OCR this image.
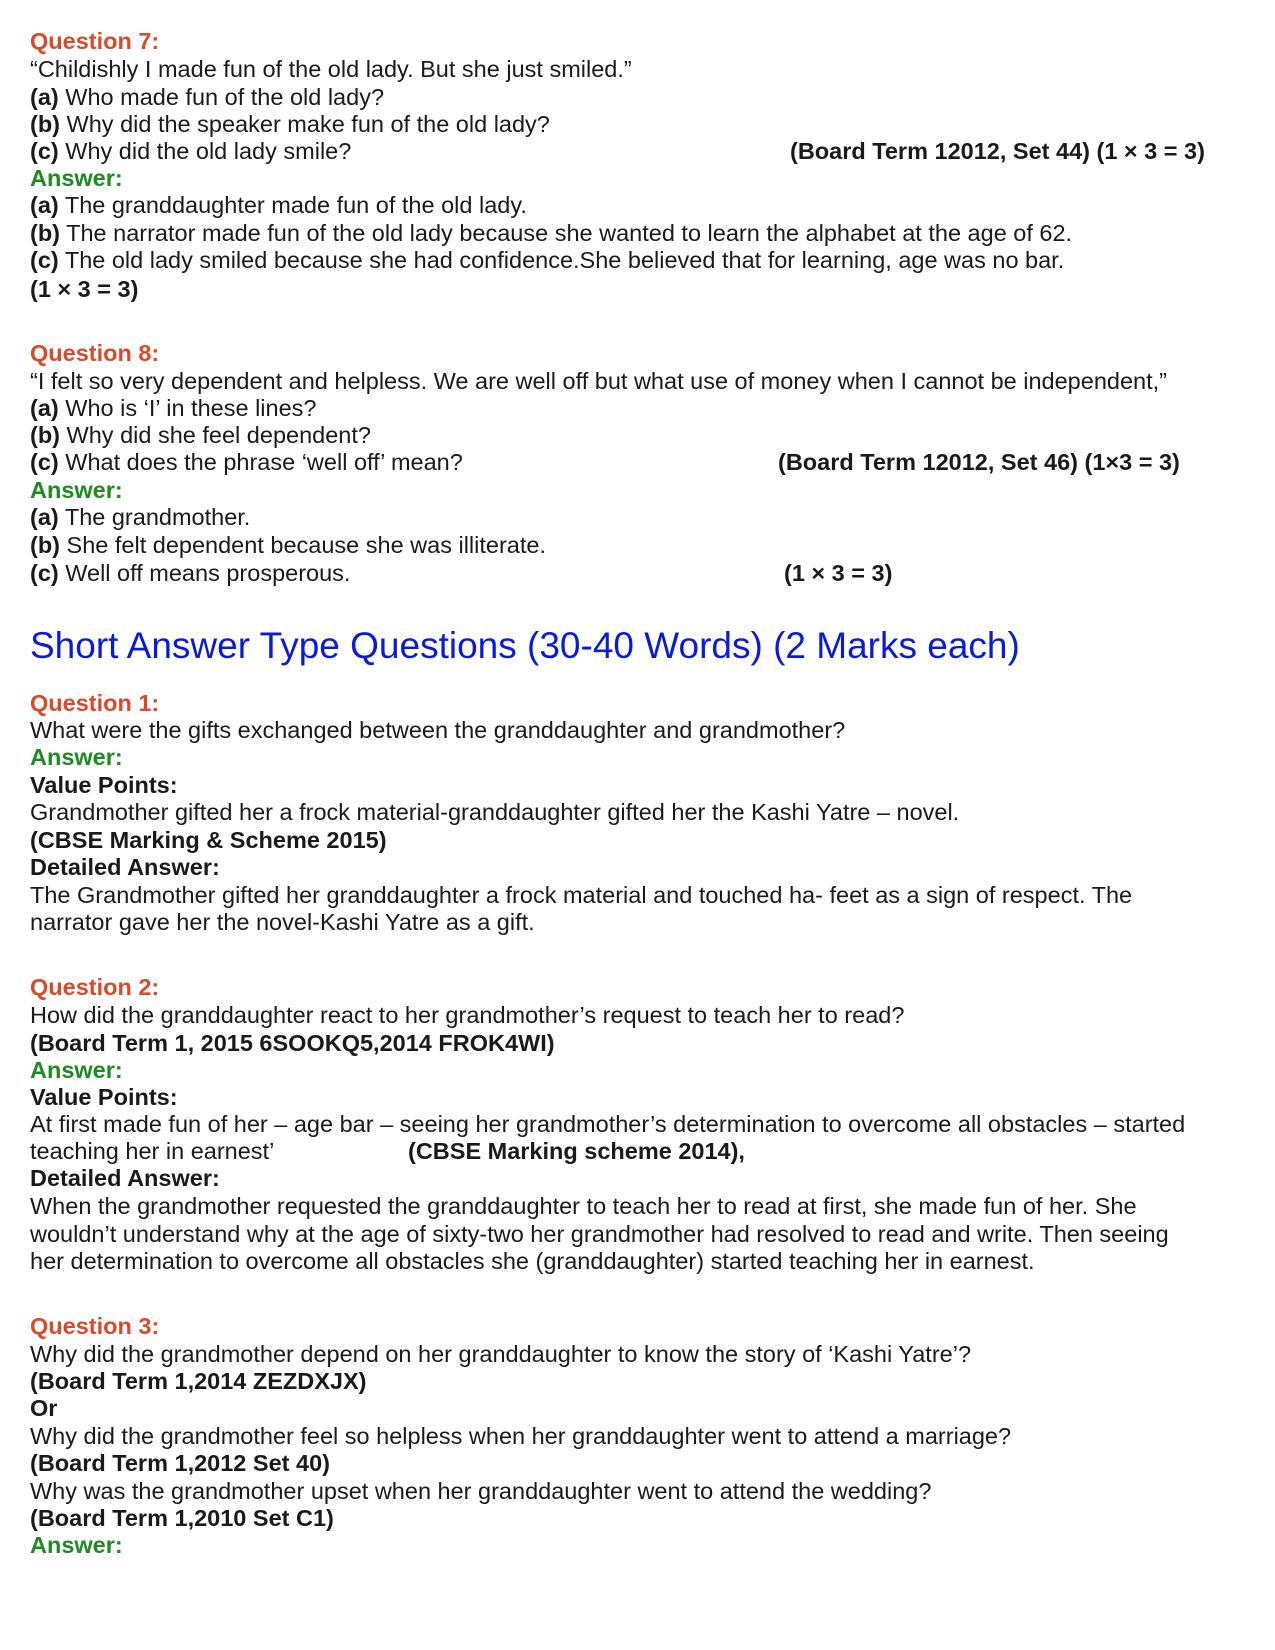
Question 7:
“Childishly I made fun of the old lady. But she just smiled.”
(a) Who made fun of the old lady?
(b) Why did the speaker make fun of the old lady?
(c) Why did the old lady smile?	(Board Term 12012, Set 44) (1 × 3 = 3)
Answer:
(a) The granddaughter made fun of the old lady.
(b) The narrator made fun of the old lady because she wanted to learn the alphabet at the age of 62.
(c) The old lady smiled because she had confidence.She believed that for learning, age was no bar.
(1 × 3 = 3)
Question 8:
“I felt so very dependent and helpless. We are well off but what use of money when I cannot be independent,”
(a) Who is ‘I’ in these lines?
(b) Why did she feel dependent?
(c) What does the phrase ‘well off’ mean?	(Board Term 12012, Set 46) (1×3 = 3)
Answer:
(a) The grandmother.
(b) She felt dependent because she was illiterate.
(c) Well off means prosperous.	(1 × 3 = 3)
Short Answer Type Questions (30-40 Words) (2 Marks each)
Question 1:
What were the gifts exchanged between the granddaughter and grandmother?
Answer:
Value Points:
Grandmother gifted her a frock material-granddaughter gifted her the Kashi Yatre – novel.
(CBSE Marking & Scheme 2015)
Detailed Answer:
The Grandmother gifted her granddaughter a frock material and touched ha- feet as a sign of respect. The
narrator gave her the novel-Kashi Yatre as a gift.
Question 2:
How did the granddaughter react to her grandmother’s request to teach her to read?
(Board Term 1, 2015 6SOOKQ5,2014 FROK4WI)
Answer:
Value Points:
At first made fun of her – age bar – seeing her grandmother’s determination to overcome all obstacles – started
teaching her in earnest’	(CBSE Marking scheme 2014),
Detailed Answer:
When the grandmother requested the granddaughter to teach her to read at first, she made fun of her. She
wouldn’t understand why at the age of sixty-two her grandmother had resolved to read and write. Then seeing
her determination to overcome all obstacles she (granddaughter) started teaching her in earnest.
Question 3:
Why did the grandmother depend on her granddaughter to know the story of ‘Kashi Yatre’?
(Board Term 1,2014 ZEZDXJX)
Or
Why did the grandmother feel so helpless when her granddaughter went to attend a marriage?
(Board Term 1,2012 Set 40)
Why was the grandmother upset when her granddaughter went to attend the wedding?
(Board Term 1,2010 Set C1)
Answer:
